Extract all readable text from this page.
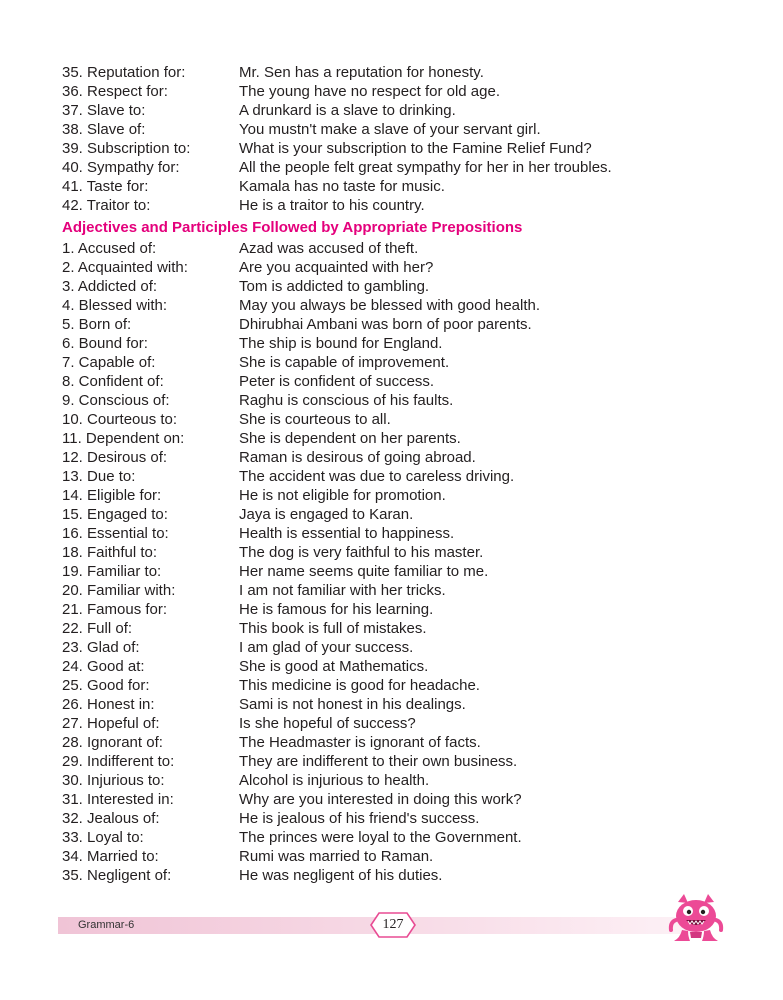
35. Reputation for:	Mr. Sen has a reputation for honesty.
36. Respect for:	The young have no respect for old age.
37. Slave to:	A drunkard is a slave to drinking.
38. Slave of:	You mustn't make a slave of your servant girl.
39. Subscription to:	What is your subscription to the Famine Relief Fund?
40. Sympathy for:	All the people felt great sympathy for her in her troubles.
41. Taste for:	Kamala has no taste for music.
42. Traitor to:	He is a traitor to his country.
Adjectives and Participles Followed by Appropriate Prepositions
1. Accused of:	Azad was accused of theft.
2. Acquainted with:	Are you acquainted with her?
3. Addicted of:	Tom is addicted to gambling.
4. Blessed with:	May you always be blessed with good health.
5. Born of:	Dhirubhai Ambani was born of poor parents.
6. Bound for:	The ship is bound for England.
7. Capable of:	She is capable of improvement.
8. Confident of:	Peter is confident of success.
9. Conscious of:	Raghu is conscious of his faults.
10. Courteous to:	She is courteous to all.
11. Dependent on:	She is dependent on her parents.
12. Desirous of:	Raman is desirous of going abroad.
13. Due to:	The accident was due to careless driving.
14. Eligible for:	He is not eligible for promotion.
15. Engaged to:	Jaya is engaged to Karan.
16. Essential to:	Health is essential to happiness.
18. Faithful to:	The dog is very faithful to his master.
19. Familiar to:	Her name seems quite familiar to me.
20. Familiar with:	I am not familiar with her tricks.
21. Famous for:	He is famous for his learning.
22. Full of:	This book is full of mistakes.
23. Glad of:	I am glad of your success.
24. Good at:	She is good at Mathematics.
25. Good for:	This medicine is good for headache.
26. Honest in:	Sami is not honest in his dealings.
27. Hopeful of:	Is she hopeful of success?
28. Ignorant of:	The Headmaster is ignorant of facts.
29. Indifferent to:	They are indifferent to their own business.
30. Injurious to:	Alcohol is injurious to health.
31. Interested in:	Why are you interested in doing this work?
32. Jealous of:	He is jealous of his friend's success.
33. Loyal to:	The princes were loyal to the Government.
34. Married to:	Rumi was married to Raman.
35. Negligent of:	He was negligent of his duties.
Grammar-6	127
